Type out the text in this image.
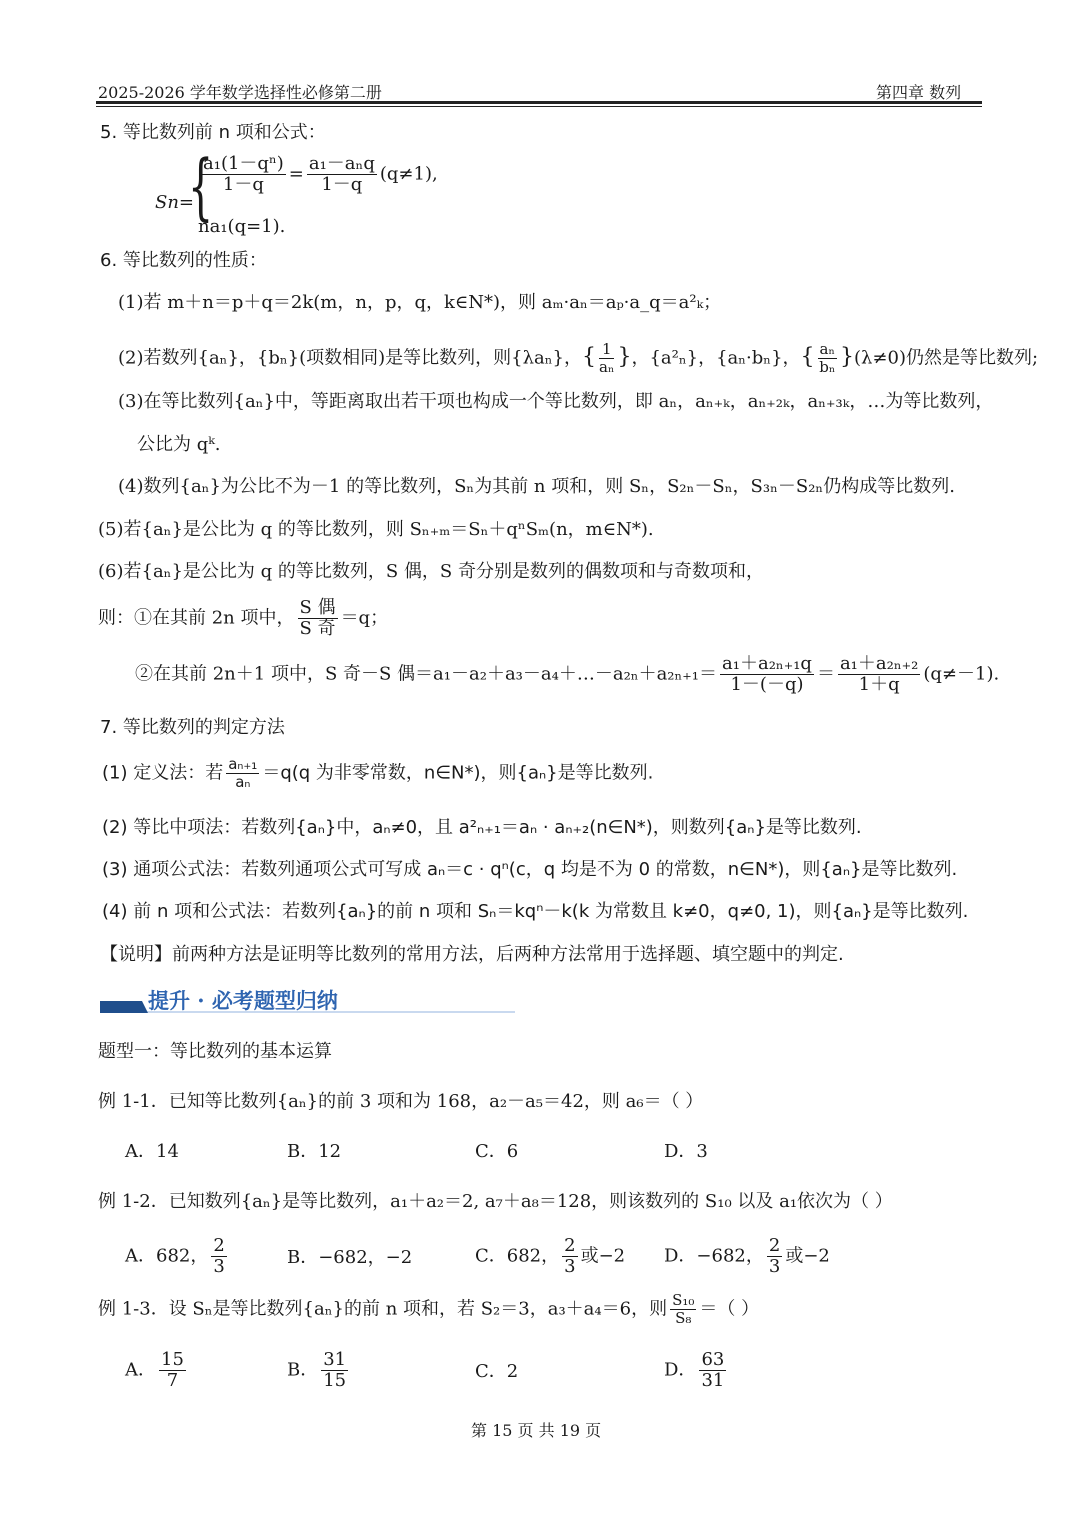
2025-2026 学年数学选择性必修第二册	第四章 数列
5. 等比数列前 n 项和公式：
Sn=
{
$\frac{\text{a₁(1－qⁿ)}}{1-q} = \frac{\text{a₁－aₙq}}{1-q} (q\ne 1)$,
na₁(q=1).
6. 等比数列的性质：
(1)若 m＋n＝p＋q＝2k(m，n，p，q，k∈N*)，则 aₘ·aₙ＝aₚ·a_q＝a²ₖ；
(2)若数列{aₙ}，{bₙ}(项数相同)是等比数列，则{λaₙ}，{ $\frac{1}{\text{aₙ}}$ }，{a²ₙ}，{aₙ·bₙ}，{ $\frac{\text{aₙ}}{\text{bₙ}} \}(\lambda\ne 0)$仍然是等比数列;
(3)在等比数列{aₙ}中，等距离取出若干项也构成一个等比数列，即 aₙ，aₙ₊ₖ，aₙ₊₂ₖ，aₙ₊₃ₖ，…为等比数列，
公比为 qᵏ.
(4)数列{aₙ}为公比不为－1 的等比数列，Sₙ为其前 n 项和，则 Sₙ，S₂ₙ－Sₙ，S₃ₙ－S₂ₙ仍构成等比数列.
(5)若{aₙ}是公比为 q 的等比数列，则 Sₙ₊ₘ＝Sₙ＋qⁿSₘ(n，m∈N*).
(6)若{aₙ}是公比为 q 的等比数列，S 偶，S 奇分别是数列的偶数项和与奇数项和，
则：①在其前 2n 项中， $\frac{\text{S 偶}}{\text{S 奇}} =q$；
②在其前 2n＋1 项中，S 奇－S 偶＝a₁－a₂＋a₃－a₄＋…－a₂ₙ＋a₂ₙ₊₁＝ $\frac{\text{a₁＋a₂ₙ₊₁q}}{1-(-q)} = \frac{\text{a₁＋a₂ₙ₊₂}}{1+q} (q\ne-1)$.
7. 等比数列的判定方法
(1) 定义法：若 $\frac{\text{aₙ₊₁}}{\text{aₙ}} =q(q$ 为非零常数，n∈N*)，则{aₙ}是等比数列.
(2) 等比中项法：若数列{aₙ}中，aₙ≠0，且 a²ₙ₊₁＝aₙ · aₙ₊₂(n∈N*)，则数列{aₙ}是等比数列.
(3) 通项公式法：若数列通项公式可写成 aₙ＝c · qⁿ(c，q 均是不为 0 的常数，n∈N*)，则{aₙ}是等比数列.
(4) 前 n 项和公式法：若数列{aₙ}的前 n 项和 Sₙ＝kqⁿ－k(k 为常数且 k≠0，q≠0, 1)，则{aₙ}是等比数列.
【说明】前两种方法是证明等比数列的常用方法，后两种方法常用于选择题、填空题中的判定.
提升 · 必考题型归纳
题型一：等比数列的基本运算
例 1-1．已知等比数列{aₙ}的前 3 项和为 168，a₂－a₅＝42，则 a₆＝（ ）
A．14	B．12	C．6	D．3
例 1-2．已知数列{aₙ}是等比数列，a₁＋a₂＝2, a₇＋a₈＝128，则该数列的 S₁₀ 以及 a₁依次为（ ）
A．682， $\frac{2}{3}$	B．−682，−2	C．682， $\frac{2}{3}$ 或−2 D．−682， $\frac{2}{3}$ 或−2
例 1-3．设 Sₙ是等比数列{aₙ}的前 n 项和，若 S₂＝3，a₃＋a₄＝6，则 $\frac{\text{S₁₀}}{\text{S₈}}$ ＝（ ）
A． $\frac{15}{7}$	B． $\frac{31}{15}$	C．2	D． $\frac{63}{31}$
第 15 页 共 19 页
